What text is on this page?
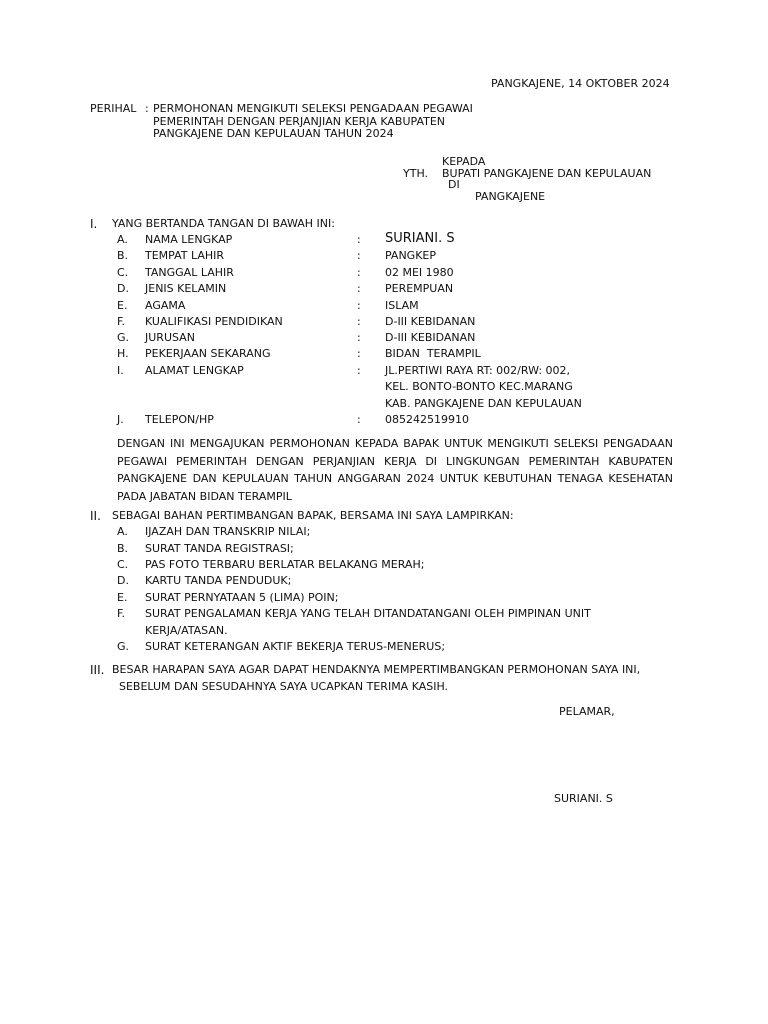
PANGKAJENE, 14 OKTOBER 2024
PERIHAL : PERMOHONAN MENGIKUTI SELEKSI PENGADAAN PEGAWAI
PEMERINTAH DENGAN PERJANJIAN KERJA KABUPATEN
PANGKAJENE DAN KEPULAUAN TAHUN 2024
KEPADA
YTH. BUPATI PANGKAJENE DAN KEPULAUAN
DI
PANGKAJENE
I. YANG BERTANDA TANGAN DI BAWAH INI:
A. NAMA LENGKAP	: SURIANI. S
B. TEMPAT LAHIR	: PANGKEP
C. TANGGAL LAHIR	: 02 MEI 1980
D. JENIS KELAMIN	: PEREMPUAN
E. AGAMA	: ISLAM
F. KUALIFIKASI PENDIDIKAN	: D-III KEBIDANAN
G. JURUSAN	: D-III KEBIDANAN
H. PEKERJAAN SEKARANG	: BIDAN  TERAMPIL
I. ALAMAT LENGKAP	: JL.PERTIWI RAYA RT: 002/RW: 002,
KEL. BONTO-BONTO KEC.MARANG
KAB. PANGKAJENE DAN KEPULAUAN
J. TELEPON/HP	: 085242519910
DENGAN INI MENGAJUKAN PERMOHONAN KEPADA BAPAK UNTUK MENGIKUTI SELEKSI PENGADAAN PEGAWAI PEMERINTAH DENGAN PERJANJIAN KERJA DI LINGKUNGAN PEMERINTAH KABUPATEN PANGKAJENE DAN KEPULAUAN TAHUN ANGGARAN 2024 UNTUK KEBUTUHAN TENAGA KESEHATAN  PADA JABATAN BIDAN TERAMPIL
II. SEBAGAI BAHAN PERTIMBANGAN BAPAK, BERSAMA INI SAYA LAMPIRKAN:
A. IJAZAH DAN TRANSKRIP NILAI;
B. SURAT TANDA REGISTRASI;
C. PAS FOTO TERBARU BERLATAR BELAKANG MERAH;
D. KARTU TANDA PENDUDUK;
E. SURAT PERNYATAAN 5 (LIMA) POIN;
F. SURAT PENGALAMAN KERJA YANG TELAH DITANDATANGANI OLEH PIMPINAN UNIT KERJA/ATASAN.
G. SURAT KETERANGAN AKTIF BEKERJA TERUS-MENERUS;
III. BESAR HARAPAN SAYA AGAR DAPAT HENDAKNYA MEMPERTIMBANGKAN PERMOHONAN SAYA INI,
SEBELUM DAN SESUDAHNYA SAYA UCAPKAN TERIMA KASIH.
PELAMAR,
SURIANI. S
